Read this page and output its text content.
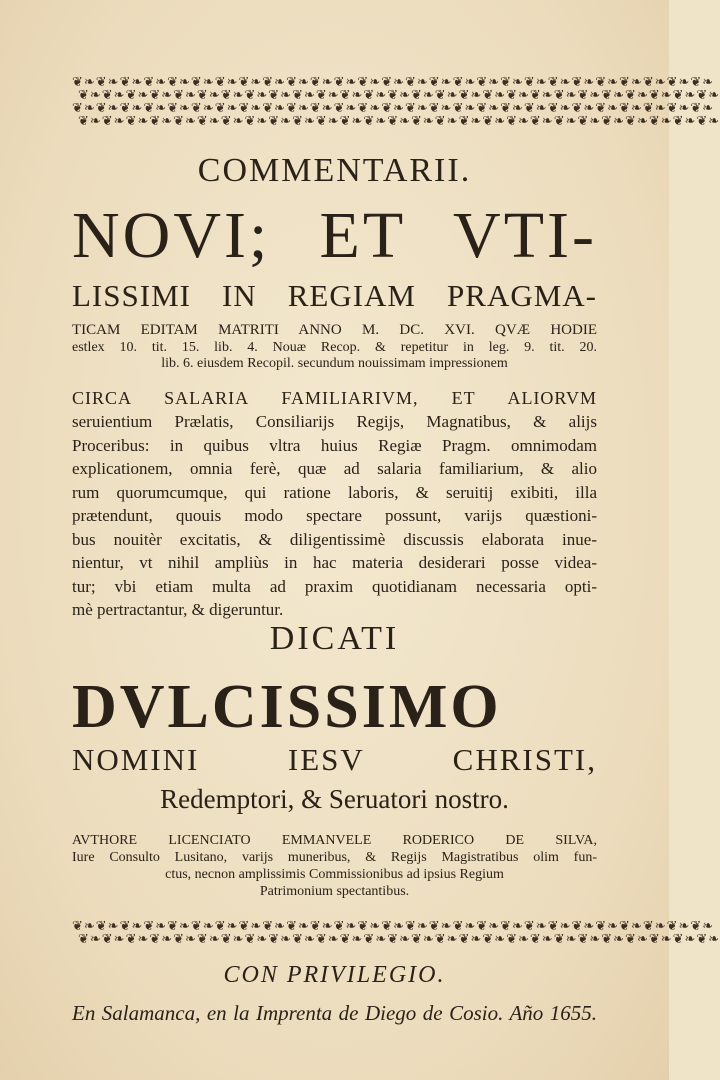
❦❧❦❧❦❧❦❧❦❧❦❧❦❧❦❧❦❧❦❧❦❧❦❧❦❧❦❧❦❧❦❧❦❧❦❧❦❧❦❧❦❧❦❧❦❧❦❧❦❧❦❧❦❧
❦❧❦❧❦❧❦❧❦❧❦❧❦❧❦❧❦❧❦❧❦❧❦❧❦❧❦❧❦❧❦❧❦❧❦❧❦❧❦❧❦❧❦❧❦❧❦❧❦❧❦❧❦❧
❦❧❦❧❦❧❦❧❦❧❦❧❦❧❦❧❦❧❦❧❦❧❦❧❦❧❦❧❦❧❦❧❦❧❦❧❦❧❦❧❦❧❦❧❦❧❦❧❦❧❦❧❦❧
❦❧❦❧❦❧❦❧❦❧❦❧❦❧❦❧❦❧❦❧❦❧❦❧❦❧❦❧❦❧❦❧❦❧❦❧❦❧❦❧❦❧❦❧❦❧❦❧❦❧❦❧❦❧
COMMENTARII.
NOVI; ET VTI-
LISSIMI IN REGIAM PRAGMA-
TICAM EDITAM MATRITI ANNO M. DC. XVI. QVÆ HODIE
estlex 10. tit. 15. lib. 4. Nouæ Recop. & repetitur in leg. 9. tit. 20.
lib. 6. eiusdem Recopil. secundum nouissimam impressionem
CIRCA SALARIA FAMILIARIVM, ET ALIORVM
seruientium Prælatis, Consiliarijs Regijs, Magnatibus, & alijs
Proceribus: in quibus vltra huius Regiæ Pragm. omnimodam
explicationem, omnia ferè, quæ ad salaria familiarium, & alio
rum quorumcumque, qui ratione laboris, & seruitij exibiti, illa
prætendunt, quouis modo spectare possunt, varijs quæstioni-
bus nouitèr excitatis, & diligentissimè discussis elaborata inue-
nientur, vt nihil ampliùs in hac materia desiderari posse videa-
tur; vbi etiam multa ad praxim quotidianam necessaria opti-
mè pertractantur, & digeruntur.
DICATI
DVLCISSIMO
NOMINI IESV CHRISTI,
Redemptori, & Seruatori nostro.
AVTHORE LICENCIATO EMMANVELE RODERICO DE SILVA,
Iure Consulto Lusitano, varijs muneribus, & Regijs Magistratibus olim fun-
ctus, necnon amplissimis Commissionibus ad ipsius Regium
Patrimonium spectantibus.
❦❧❦❧❦❧❦❧❦❧❦❧❦❧❦❧❦❧❦❧❦❧❦❧❦❧❦❧❦❧❦❧❦❧❦❧❦❧❦❧❦❧❦❧❦❧❦❧❦❧❦❧❦❧
❦❧❦❧❦❧❦❧❦❧❦❧❦❧❦❧❦❧❦❧❦❧❦❧❦❧❦❧❦❧❦❧❦❧❦❧❦❧❦❧❦❧❦❧❦❧❦❧❦❧❦❧❦❧
CON PRIVILEGIO.
En Salamanca, en la Imprenta de Diego de Cosio. Año 1655.
